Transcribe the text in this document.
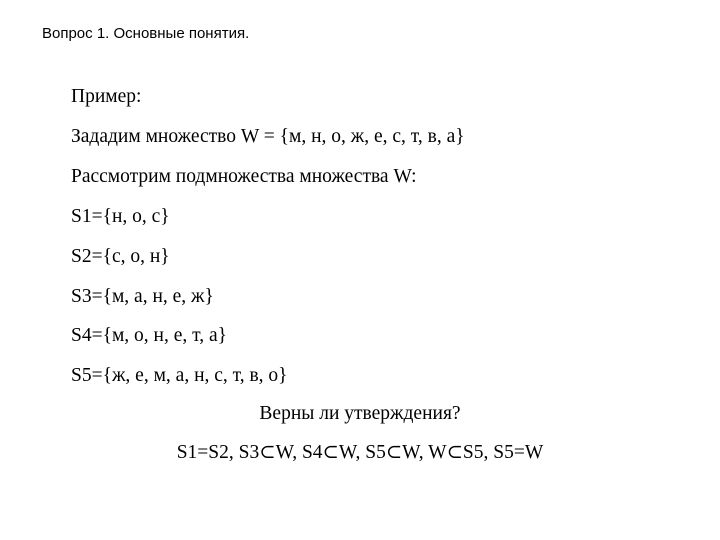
Вопрос 1. Основные понятия.
Пример:
Зададим множество W = {м, н, о, ж, е, с, т, в, а}
Рассмотрим подмножества множества W:
S1={н, о, с}
S2={с, о, н}
S3={м, а, н, е, ж}
S4={м, о, н, е, т, а}
S5={ж, е, м, а, н, с, т, в, о}
Верны ли утверждения?
S1=S2, S3⊂W, S4⊂W, S5⊂W, W⊂S5, S5=W
